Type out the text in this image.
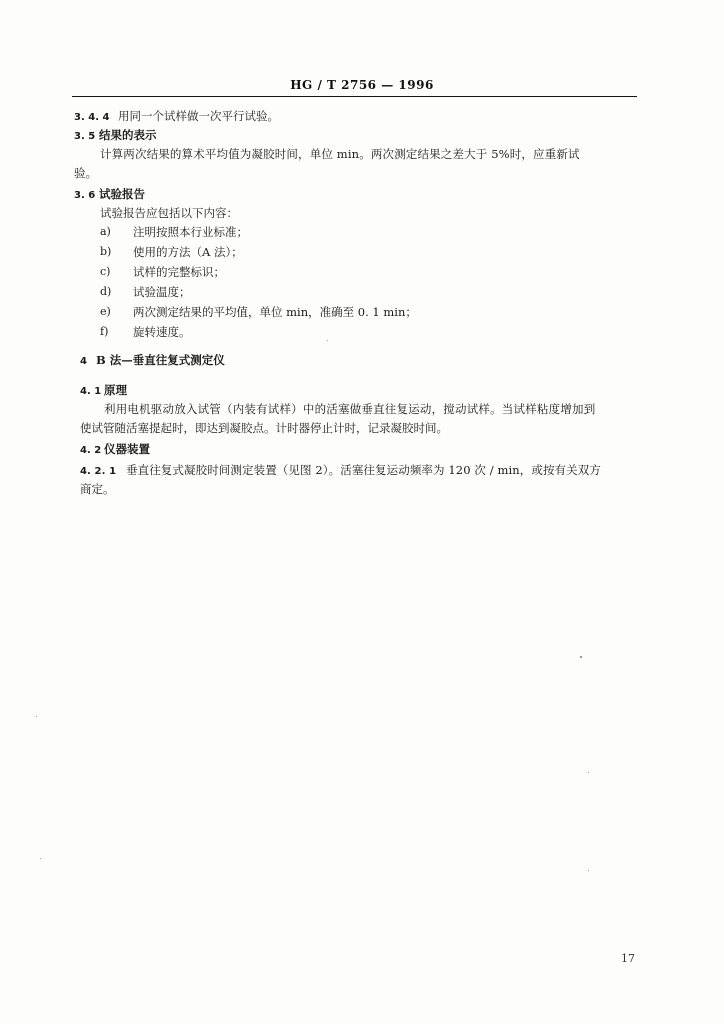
HG / T 2756 — 1996
3. 4. 4 用同一个试样做一次平行试验。
3. 5 结果的表示
计算两次结果的算术平均值为凝胶时间，单位 min。两次测定结果之差大于 5%时，应重新试
验。
3. 6 试验报告
试验报告应包括以下内容：
a) 注明按照本行业标准；
b) 使用的方法（A 法）；
c) 试样的完整标识；
d) 试验温度；
e) 两次测定结果的平均值，单位 min，准确至 0. 1 min；
f) 旋转速度。
4 B 法—垂直往复式测定仪
4. 1 原理
利用电机驱动放入试管（内装有试样）中的活塞做垂直往复运动，搅动试样。当试样粘度增加到
使试管随活塞提起时，即达到凝胶点。计时器停止计时，记录凝胶时间。
4. 2 仪器装置
4. 2. 1 垂直往复式凝胶时间测定装置（见图 2）。活塞往复运动频率为 120 次 / min，或按有关双方
商定。
17
